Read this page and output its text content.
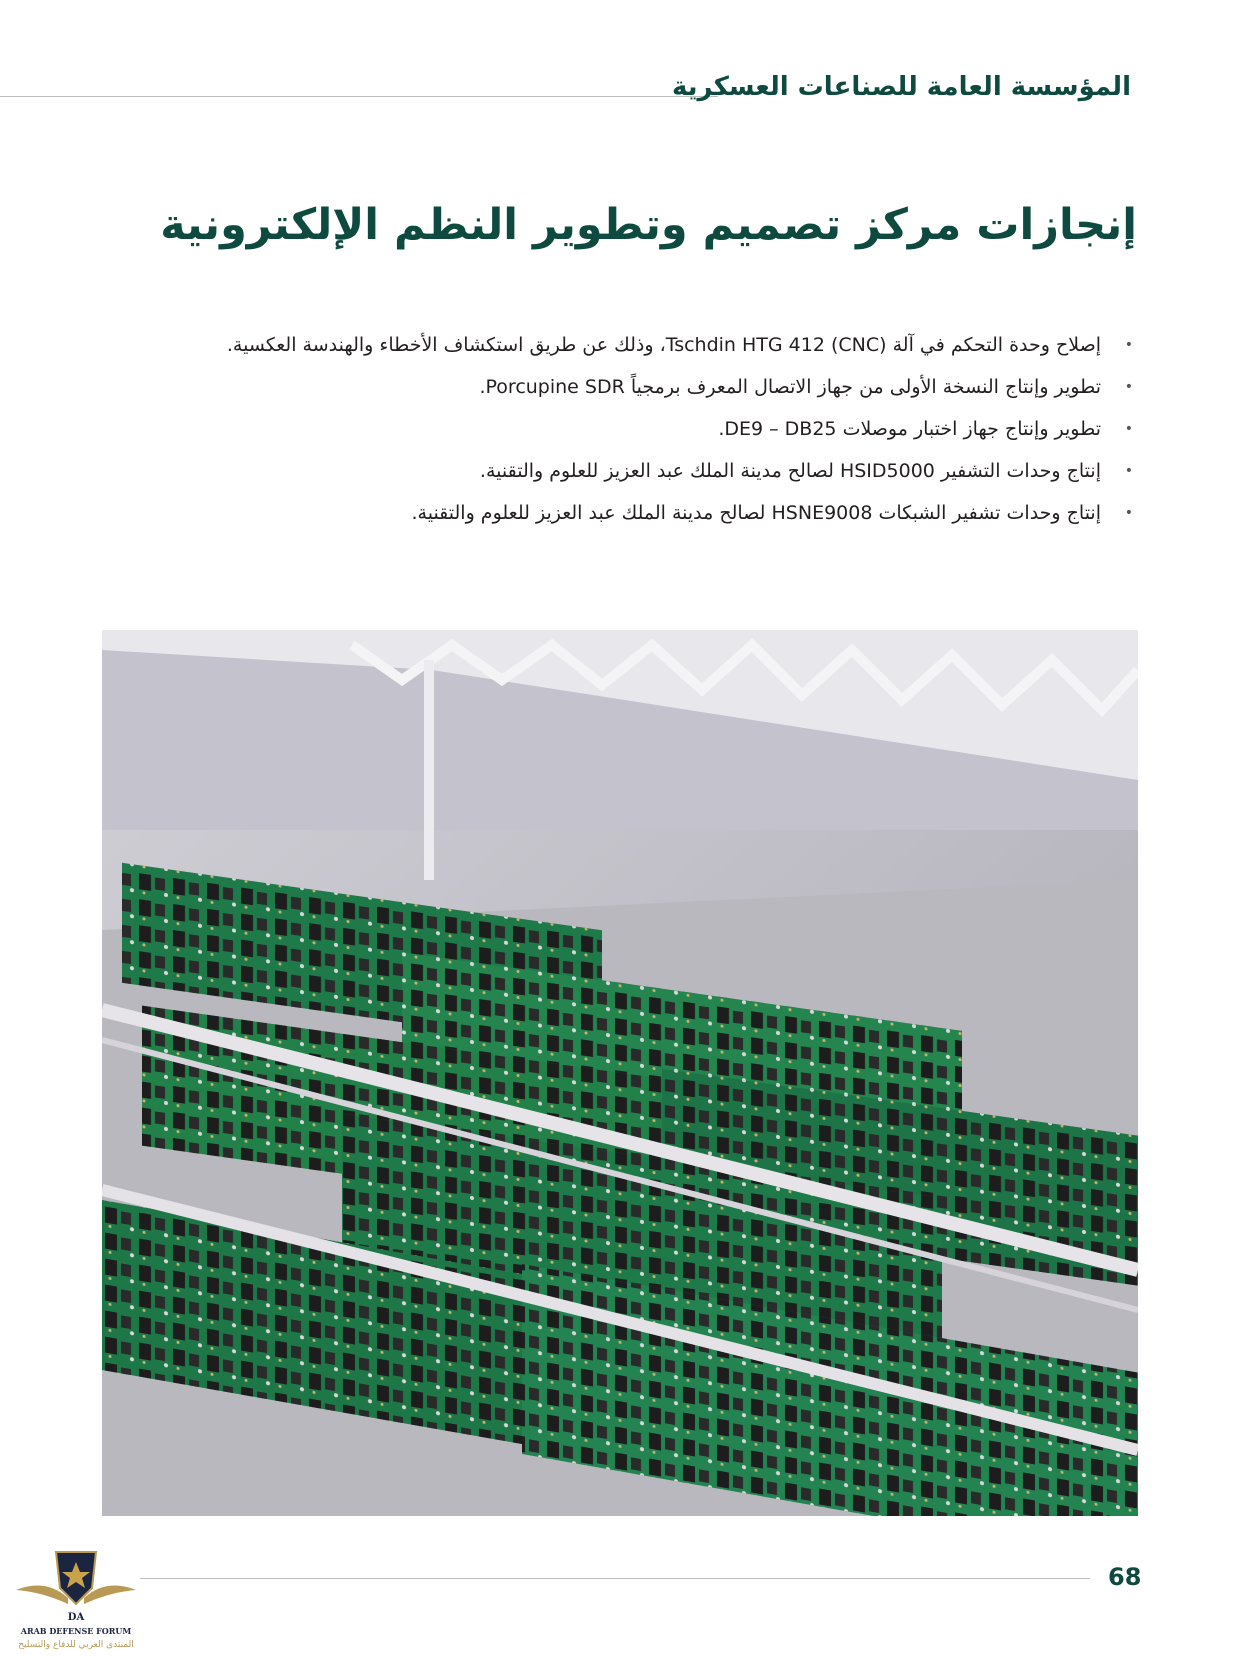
المؤسسة العامة للصناعات العسكرية
إنجازات مركز تصميم وتطوير النظم الإلكترونية
•
إصلاح وحدة التحكم في آلة (CNC) Tschdin HTG 412، وذلك عن طريق استكشاف الأخطاء والهندسة العكسية.
•
تطوير وإنتاج النسخة الأولى من جهاز الاتصال المعرف برمجياً Porcupine SDR.
•
تطوير وإنتاج جهاز اختبار موصلات DE9 – DB25.
•
إنتاج وحدات التشفير HSID5000 لصالح مدينة الملك عبد العزيز للعلوم والتقنية.
•
إنتاج وحدات تشفير الشبكات HSNE9008 لصالح مدينة الملك عبد العزيز للعلوم والتقنية.
68
DA
ARAB DEFENSE FORUM
المنتدى العربي للدفاع والتسليح
